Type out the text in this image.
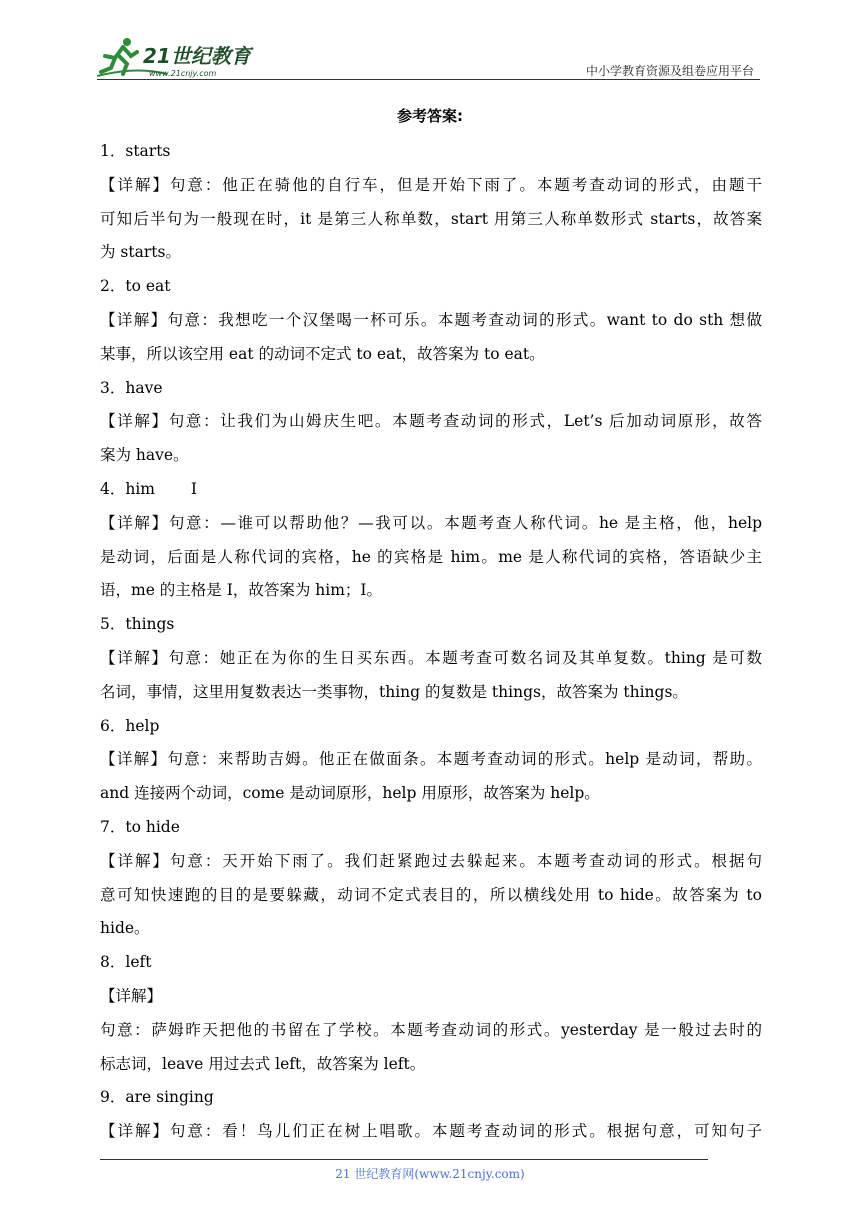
21世纪教育
www.21cnjy.com	中小学教育资源及组卷应用平台
参考答案:
1．starts
【详解】句意：他正在骑他的自行车，但是开始下雨了。本题考查动词的形式，由题干
可知后半句为一般现在时，it 是第三人称单数，start 用第三人称单数形式 starts，故答案
为 starts。
2．to eat
【详解】句意：我想吃一个汉堡喝一杯可乐。本题考查动词的形式。want to do sth 想做
某事，所以该空用 eat 的动词不定式 to eat，故答案为 to eat。
3．have
【详解】句意：让我们为山姆庆生吧。本题考查动词的形式，Let’s 后加动词原形，故答
案为 have。
4．him　　 I
【详解】句意：—谁可以帮助他？—我可以。本题考查人称代词。he 是主格，他，help
是动词，后面是人称代词的宾格，he 的宾格是 him。me 是人称代词的宾格，答语缺少主
语，me 的主格是 I，故答案为 him；I。
5．things
【详解】句意：她正在为你的生日买东西。本题考查可数名词及其单复数。thing 是可数
名词，事情，这里用复数表达一类事物，thing 的复数是 things，故答案为 things。
6．help
【详解】句意：来帮助吉姆。他正在做面条。本题考查动词的形式。help 是动词，帮助。
and 连接两个动词，come 是动词原形，help 用原形，故答案为 help。
7．to hide
【详解】句意：天开始下雨了。我们赶紧跑过去躲起来。本题考查动词的形式。根据句
意可知快速跑的目的是要躲藏，动词不定式表目的，所以横线处用 to hide。故答案为 to
hide。
8．left
【详解】
句意：萨姆昨天把他的书留在了学校。本题考查动词的形式。yesterday 是一般过去时的
标志词，leave 用过去式 left，故答案为 left。
9．are singing
【详解】句意：看！鸟儿们正在树上唱歌。本题考查动词的形式。根据句意，可知句子
21 世纪教育网(www.21cnjy.com)
